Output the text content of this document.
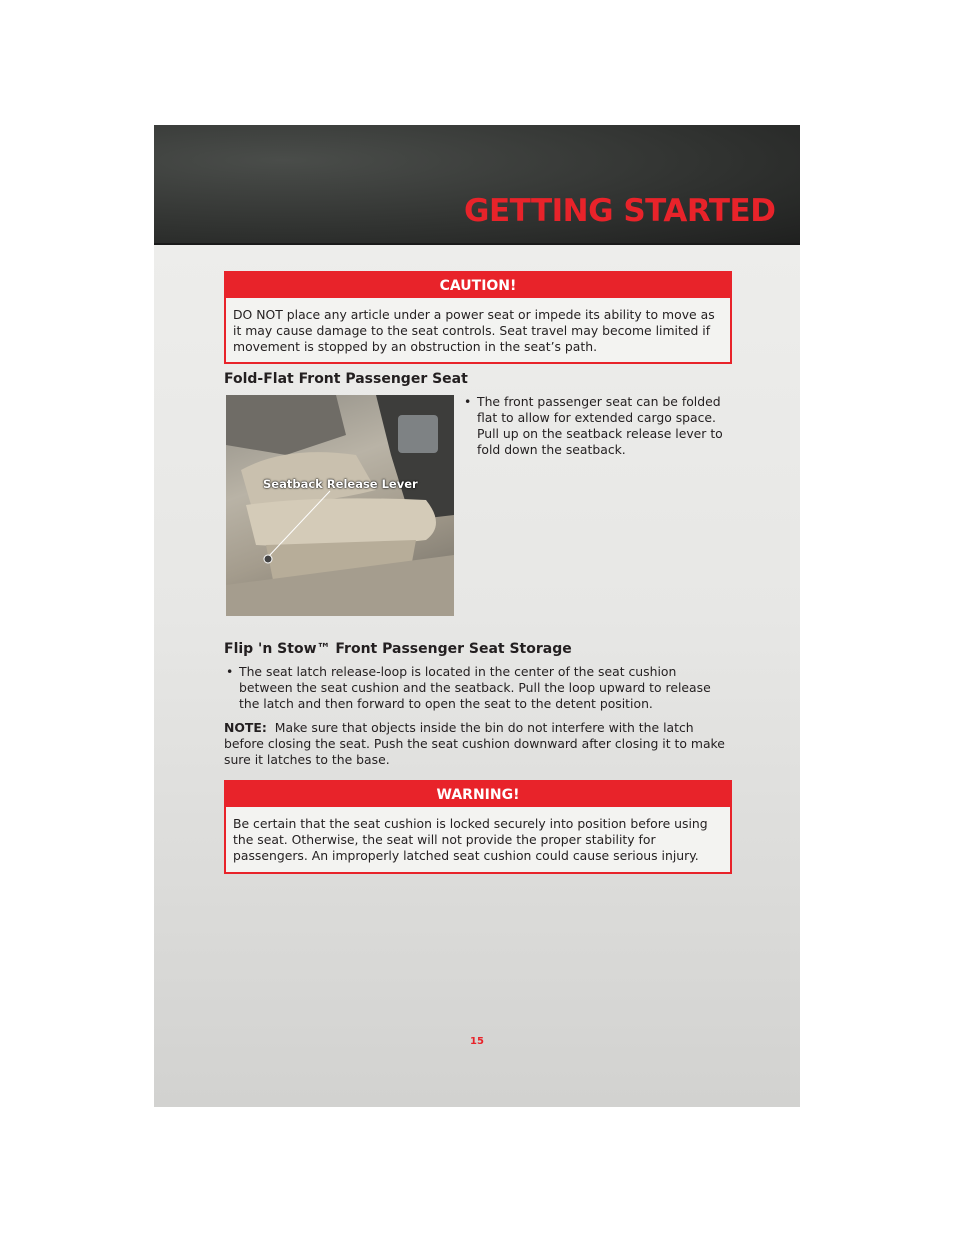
GETTING STARTED
CAUTION!

DO NOT place any article under a power seat or impede its ability to move as it may cause damage to the seat controls. Seat travel may become limited if movement is stopped by an obstruction in the seat’s path.

Fold-Flat Front Passenger Seat
Seatback Release Lever
• The front passenger seat can be folded flat to allow for extended cargo space. Pull up on the seatback release lever to fold down the seatback.
Flip 'n Stow™ Front Passenger Seat Storage
• The seat latch release-loop is located in the center of the seat cushion between the seat cushion and the seatback. Pull the loop upward to release the latch and then forward to open the seat to the detent position.

NOTE: Make sure that objects inside the bin do not interfere with the latch before closing the seat. Push the seat cushion downward after closing it to make sure it latches to the base.

WARNING!

Be certain that the seat cushion is locked securely into position before using the seat. Otherwise, the seat will not provide the proper stability for passengers. An improperly latched seat cushion could cause serious injury.

15
